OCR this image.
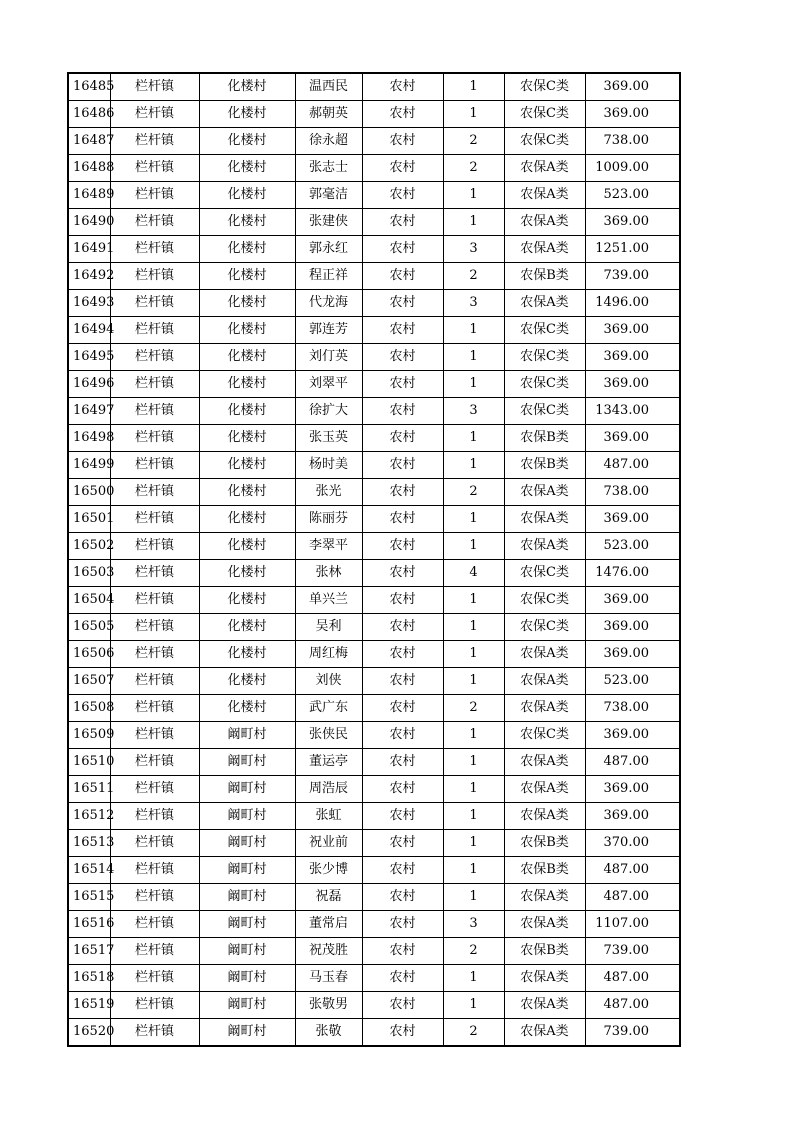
16485	栏杆镇	化楼村	温西民	农村	1	农保C类	369.00
16486	栏杆镇	化楼村	郝朝英	农村	1	农保C类	369.00
16487	栏杆镇	化楼村	徐永超	农村	2	农保C类	738.00
16488	栏杆镇	化楼村	张志士	农村	2	农保A类	1009.00
16489	栏杆镇	化楼村	郭毫洁	农村	1	农保A类	523.00
16490	栏杆镇	化楼村	张建侠	农村	1	农保A类	369.00
16491	栏杆镇	化楼村	郭永红	农村	3	农保A类	1251.00
16492	栏杆镇	化楼村	程正祥	农村	2	农保B类	739.00
16493	栏杆镇	化楼村	代龙海	农村	3	农保A类	1496.00
16494	栏杆镇	化楼村	郭连芳	农村	1	农保C类	369.00
16495	栏杆镇	化楼村	刘仃英	农村	1	农保C类	369.00
16496	栏杆镇	化楼村	刘翠平	农村	1	农保C类	369.00
16497	栏杆镇	化楼村	徐扩大	农村	3	农保C类	1343.00
16498	栏杆镇	化楼村	张玉英	农村	1	农保B类	369.00
16499	栏杆镇	化楼村	杨时美	农村	1	农保B类	487.00
16500	栏杆镇	化楼村	张光	农村	2	农保A类	738.00
16501	栏杆镇	化楼村	陈丽芬	农村	1	农保A类	369.00
16502	栏杆镇	化楼村	李翠平	农村	1	农保A类	523.00
16503	栏杆镇	化楼村	张林	农村	4	农保C类	1476.00
16504	栏杆镇	化楼村	单兴兰	农村	1	农保C类	369.00
16505	栏杆镇	化楼村	吴利	农村	1	农保C类	369.00
16506	栏杆镇	化楼村	周红梅	农村	1	农保A类	369.00
16507	栏杆镇	化楼村	刘侠	农村	1	农保A类	523.00
16508	栏杆镇	化楼村	武广东	农村	2	农保A类	738.00
16509	栏杆镇	阚町村	张侠民	农村	1	农保C类	369.00
16510	栏杆镇	阚町村	董运亭	农村	1	农保A类	487.00
16511	栏杆镇	阚町村	周浩辰	农村	1	农保A类	369.00
16512	栏杆镇	阚町村	张虹	农村	1	农保A类	369.00
16513	栏杆镇	阚町村	祝业前	农村	1	农保B类	370.00
16514	栏杆镇	阚町村	张少博	农村	1	农保B类	487.00
16515	栏杆镇	阚町村	祝磊	农村	1	农保A类	487.00
16516	栏杆镇	阚町村	董常启	农村	3	农保A类	1107.00
16517	栏杆镇	阚町村	祝茂胜	农村	2	农保B类	739.00
16518	栏杆镇	阚町村	马玉春	农村	1	农保A类	487.00
16519	栏杆镇	阚町村	张敬男	农村	1	农保A类	487.00
16520	栏杆镇	阚町村	张敬	农村	2	农保A类	739.00
